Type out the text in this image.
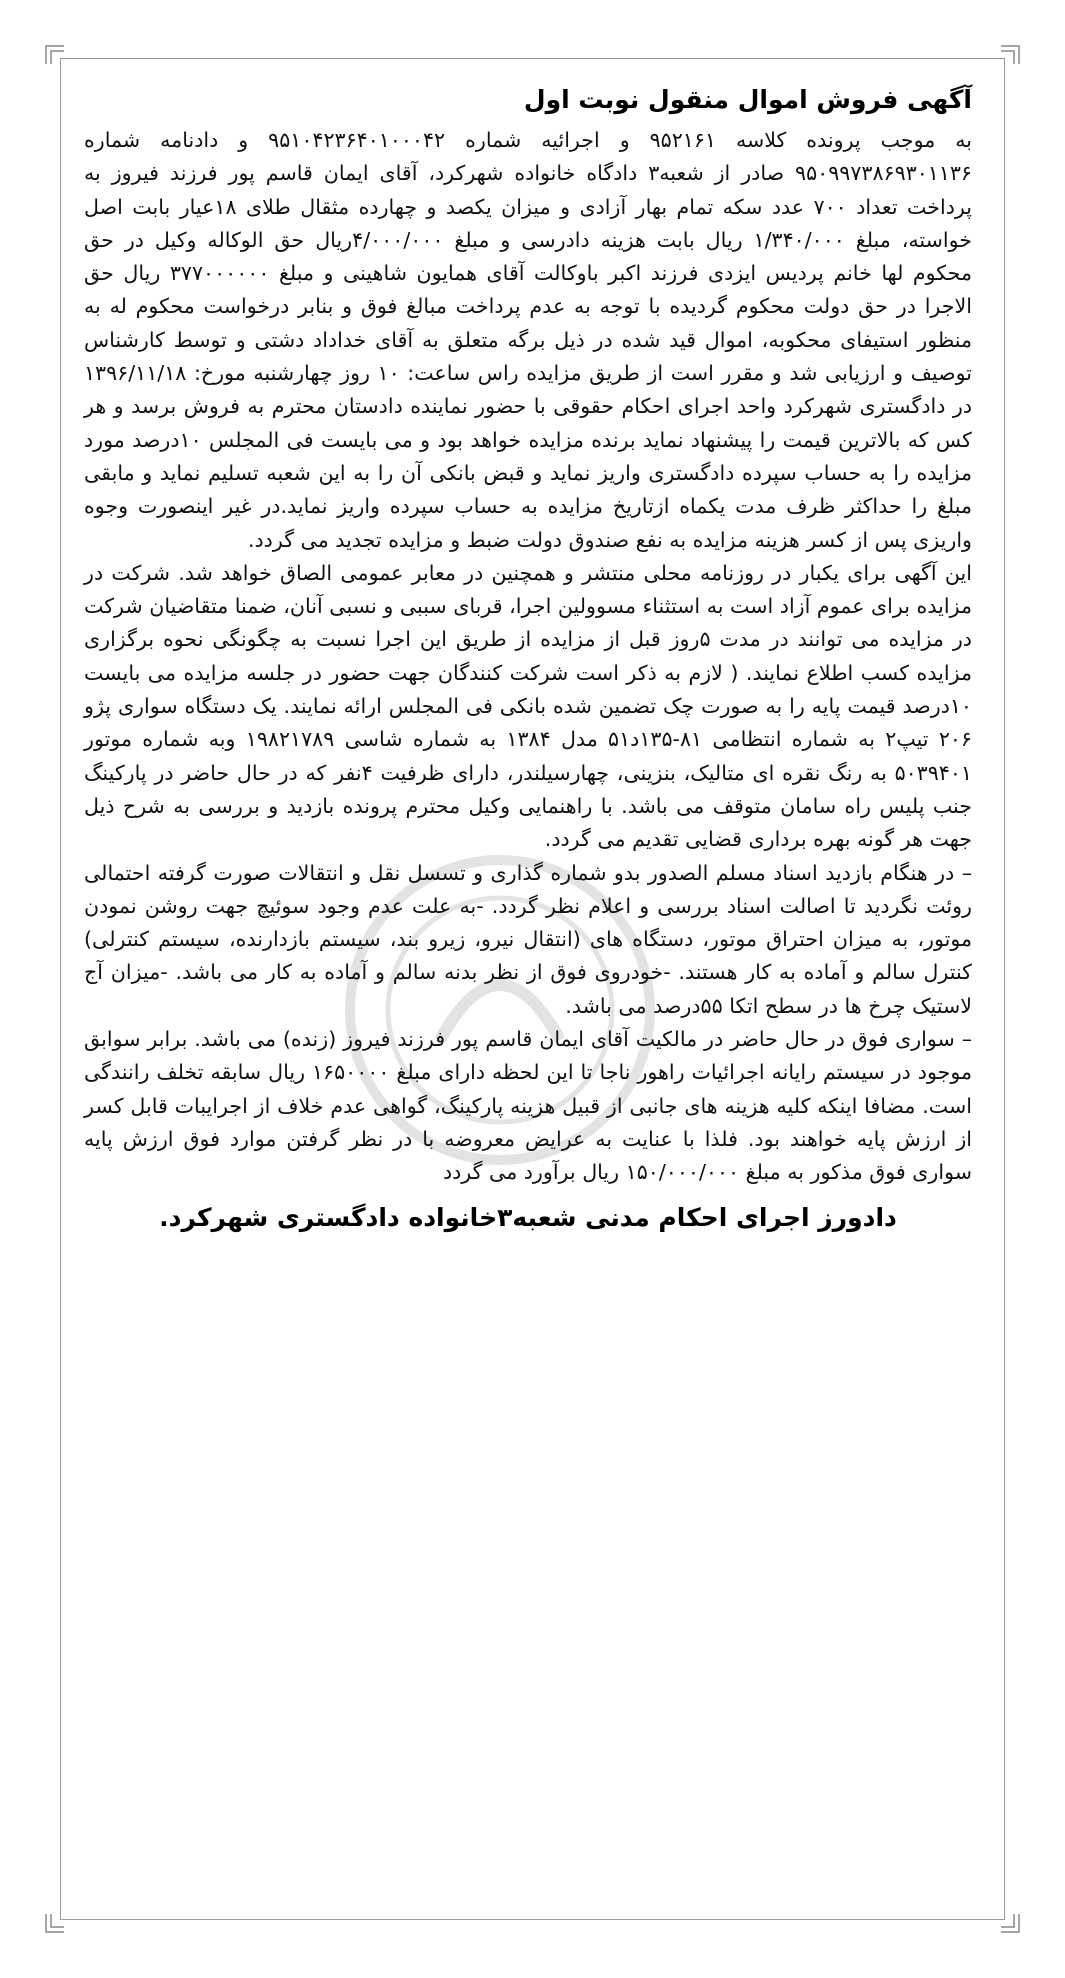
آگهی فروش اموال منقول نوبت اول

به موجب پرونده کلاسه ۹۵۲۱۶۱ و اجرائیه شماره ۹۵۱۰۴۲۳۶۴۰۱۰۰۰۴۲ و دادنامه شماره ۹۵۰۹۹۷۳۸۶۹۳۰۱۱۳۶ صادر از شعبه۳ دادگاه خانواده شهرکرد، آقای ایمان قاسم پور فرزند فیروز به پرداخت تعداد ۷۰۰ عدد سکه تمام بهار آزادی و میزان یکصد و چهارده مثقال طلای ۱۸عیار بابت اصل خواسته، مبلغ ۱/۳۴۰/۰۰۰ ریال بابت هزینه دادرسی و مبلغ ۴/۰۰۰/۰۰۰ریال حق الوکاله وکیل در حق محکوم لها خانم پردیس ایزدی فرزند اکبر باوکالت آقای همایون شاهینی و مبلغ ۳۷۷۰۰۰۰۰۰ ریال حق الاجرا در حق دولت محکوم گردیده با توجه به عدم پرداخت مبالغ فوق و بنابر درخواست محکوم له به منظور استیفای محکوبه، اموال قید شده در ذیل برگه متعلق به آقای خداداد دشتی و توسط کارشناس توصیف و ارزیابی شد و مقرر است از طریق مزایده راس ساعت: ۱۰ روز چهارشنبه مورخ: ۱۳۹۶/۱۱/۱۸ در دادگستری شهرکرد واحد اجرای احکام حقوقی با حضور نماینده دادستان محترم به فروش برسد و هر کس که بالاترین قیمت را پیشنهاد نماید برنده مزایده خواهد بود و می بایست فی المجلس ۱۰درصد مورد مزایده را به حساب سپرده دادگستری واریز نماید و قبض بانکی آن را به این شعبه تسلیم نماید و مابقی مبلغ را حداکثر ظرف مدت یکماه ازتاریخ مزایده به حساب سپرده واریز نماید.در غیر اینصورت وجوه واریزی پس از کسر هزینه مزایده به نفع صندوق دولت ضبط و مزایده تجدید می گردد.

این آگهی برای یکبار در روزنامه محلی منتشر و همچنین در معابر عمومی الصاق خواهد شد. شرکت در مزایده برای عموم آزاد است به استثناء مسوولین اجرا، قربای سببی و نسبی آنان، ضمنا متقاضیان شرکت در مزایده می توانند در مدت ۵روز قبل از مزایده از طریق این اجرا نسبت به چگونگی نحوه برگزاری مزایده کسب اطلاع نمایند. ( لازم به ذکر است شرکت کنندگان جهت حضور در جلسه مزایده می بایست ۱۰درصد قیمت پایه را به صورت چک تضمین شده بانکی فی المجلس ارائه نمایند. یک دستگاه سواری پژو ۲۰۶ تیپ۲ به شماره انتظامی ۸۱-۱۳۵د۵۱ مدل ۱۳۸۴ به شماره شاسی ۱۹۸۲۱۷۸۹ وبه شماره موتور ۵۰۳۹۴۰۱ به رنگ نقره ای متالیک، بنزینی، چهارسیلندر، دارای ظرفیت ۴نفر که در حال حاضر در پارکینگ جنب پلیس راه سامان متوقف می باشد. با راهنمایی وکیل محترم پرونده بازدید و بررسی به شرح ذیل جهت هر گونه بهره برداری قضایی تقدیم می گردد.

– در هنگام بازدید اسناد مسلم الصدور بدو شماره گذاری و تسسل نقل و انتقالات صورت گرفته احتمالی روئت نگردید تا اصالت اسناد بررسی و اعلام نظر گردد. -به علت عدم وجود سوئیچ جهت روشن نمودن موتور، به میزان احتراق موتور، دستگاه های (انتقال نیرو، زیرو بند، سیستم بازدارنده، سیستم کنترلی) کنترل سالم و آماده به کار هستند. -خودروی فوق از نظر بدنه سالم و آماده به کار می باشد. -میزان آج لاستیک چرخ ها در سطح اتکا ۵۵درصد می باشد.

– سواری فوق در حال حاضر در مالکیت آقای ایمان قاسم پور فرزند فیروز (زنده) می باشد. برابر سوابق موجود در سیستم رایانه اجرائیات راهور ناجا تا این لحظه دارای مبلغ ۱۶۵۰۰۰۰ ریال سابقه تخلف رانندگی است. مضافا اینکه کلیه هزینه های جانبی از قبیل هزینه پارکینگ، گواهی عدم خلاف از اجرایبات قابل کسر از ارزش پایه خواهند بود. فلذا با عنایت به عرایض معروضه با در نظر گرفتن موارد فوق ارزش پایه سواری فوق مذکور به مبلغ ۱۵۰/۰۰۰/۰۰۰ ریال برآورد می گردد

دادورز اجرای احکام مدنی شعبه۳خانواده دادگستری شهرکرد.
